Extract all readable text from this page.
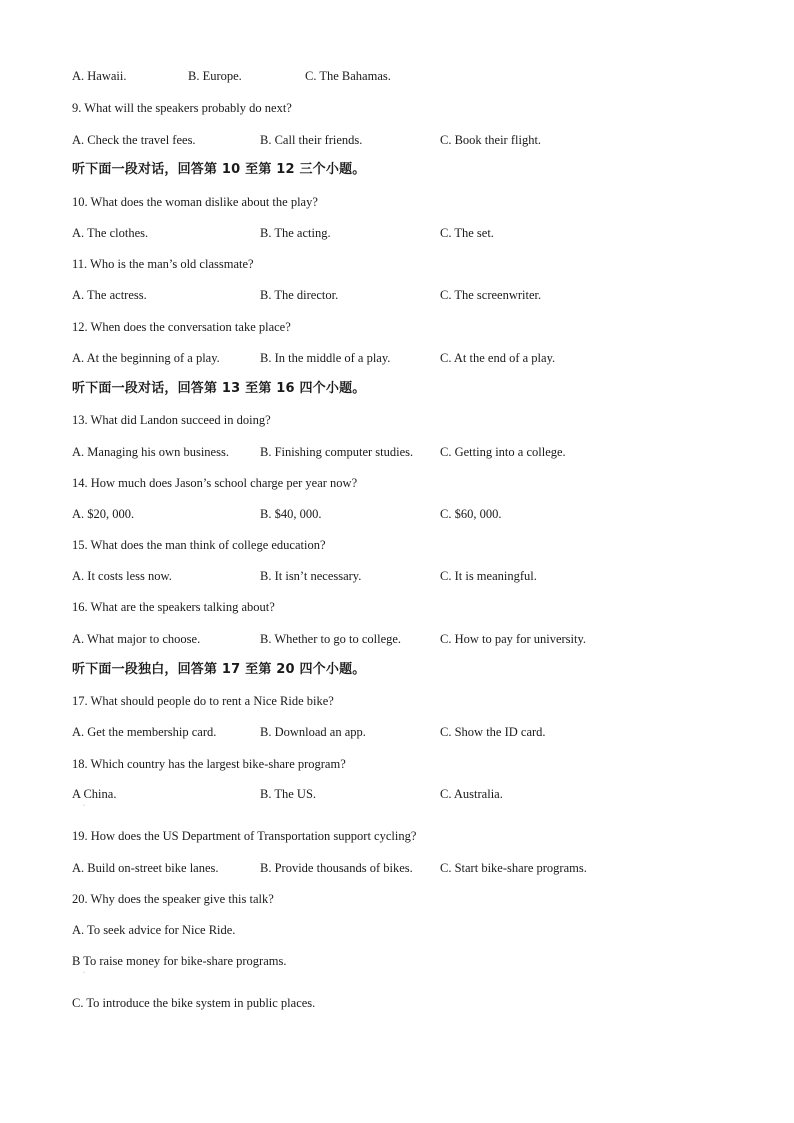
A. Hawaii.	B. Europe.	C. The Bahamas.
9. What will the speakers probably do next?
A. Check the travel fees.	B. Call their friends.	C. Book their flight.
听下面一段对话，回答第 10 至第 12 三个小题。
10. What does the woman dislike about the play?
A. The clothes.	B. The acting.	C. The set.
11. Who is the man’s old classmate?
A. The actress.	B. The director.	C. The screenwriter.
12. When does the conversation take place?
A. At the beginning of a play.	B. In the middle of a play.	C. At the end of a play.
听下面一段对话，回答第 13 至第 16 四个小题。
13. What did Landon succeed in doing?
A. Managing his own business. B. Finishing computer studies. C. Getting into a college.
14. How much does Jason’s school charge per year now?
A. $20, 000.	B. $40, 000.	C. $60, 000.
15. What does the man think of college education?
A. It costs less now.	B. It isn’t necessary.	C. It is meaningful.
16. What are the speakers talking about?
A. What major to choose.	B. Whether to go to college.	C. How to pay for university.
听下面一段独白，回答第 17 至第 20 四个小题。
17. What should people do to rent a Nice Ride bike?
A. Get the membership card.	B. Download an app.	C. Show the ID card.
18. Which country has the largest bike-share program?
A China.	B. The US.	C. Australia.
19. How does the US Department of Transportation support cycling?
A. Build on-street bike lanes.	B. Provide thousands of bikes. C. Start bike-share programs.
20. Why does the speaker give this talk?
A. To seek advice for Nice Ride.
B To raise money for bike-share programs.
C. To introduce the bike system in public places.
·
·
